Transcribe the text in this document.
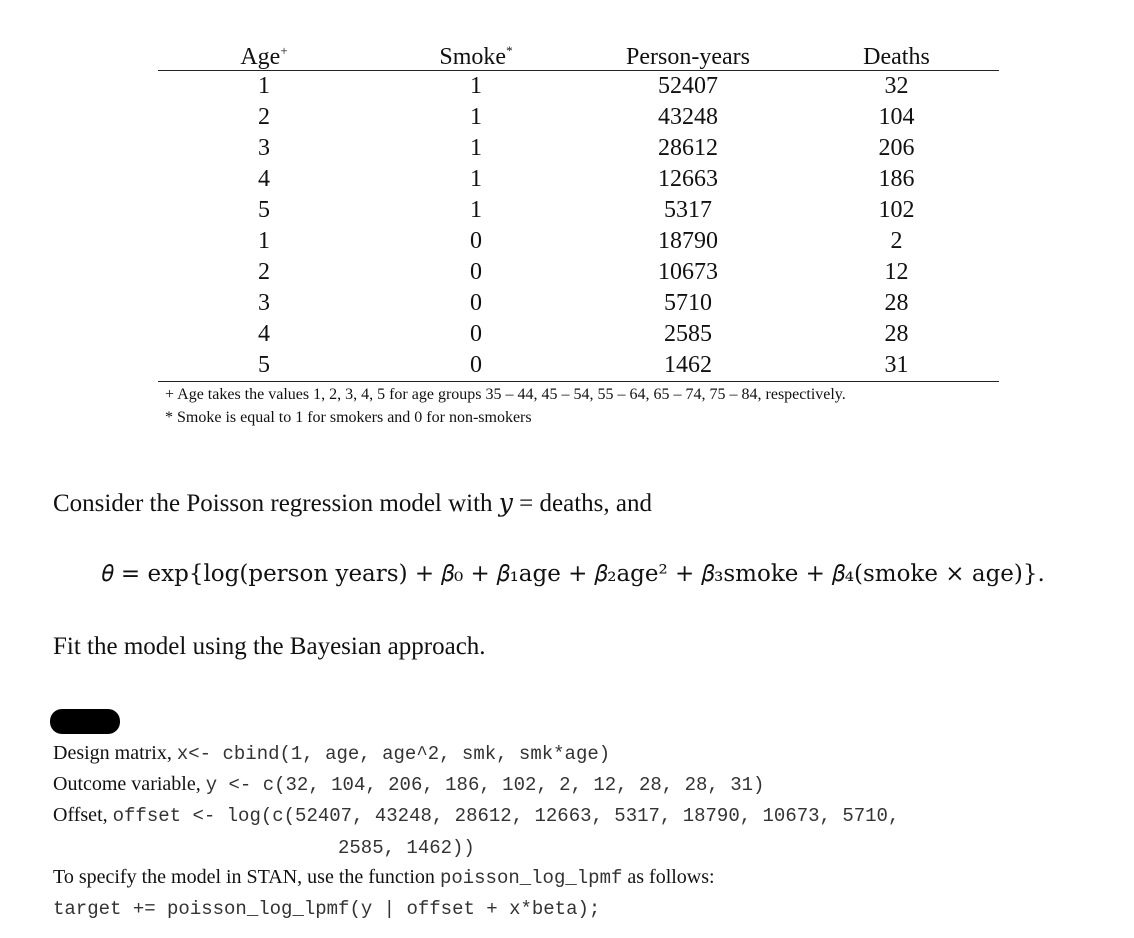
Age+	Smoke*	Person-years	Deaths
1	1	52407	32
2	1	43248	104
3	1	28612	206
4	1	12663	186
5	1	5317	102
1	0	18790	2
2	0	10673	12
3	0	5710	28
4	0	2585	28
5	0	1462	31
+ Age takes the values 1, 2, 3, 4, 5 for age groups 35 – 44, 45 – 54, 55 – 64, 65 – 74, 75 – 84, respectively.
* Smoke is equal to 1 for smokers and 0 for non-smokers
Consider the Poisson regression model with 𝑦 = deaths, and
𝜃 = exp{log(person years) + 𝛽₀ + 𝛽₁age + 𝛽₂age² + 𝛽₃smoke + 𝛽₄(smoke × age)}.
Fit the model using the Bayesian approach.
Design matrix, x<- cbind(1, age, age^2, smk, smk*age)
Outcome variable, y <- c(32, 104, 206, 186, 102, 2, 12, 28, 28, 31)
Offset, offset <- log(c(52407, 43248, 28612, 12663, 5317, 18790, 10673, 5710,
2585, 1462))
To specify the model in STAN, use the function poisson_log_lpmf as follows:
target += poisson_log_lpmf(y | offset + x*beta);
